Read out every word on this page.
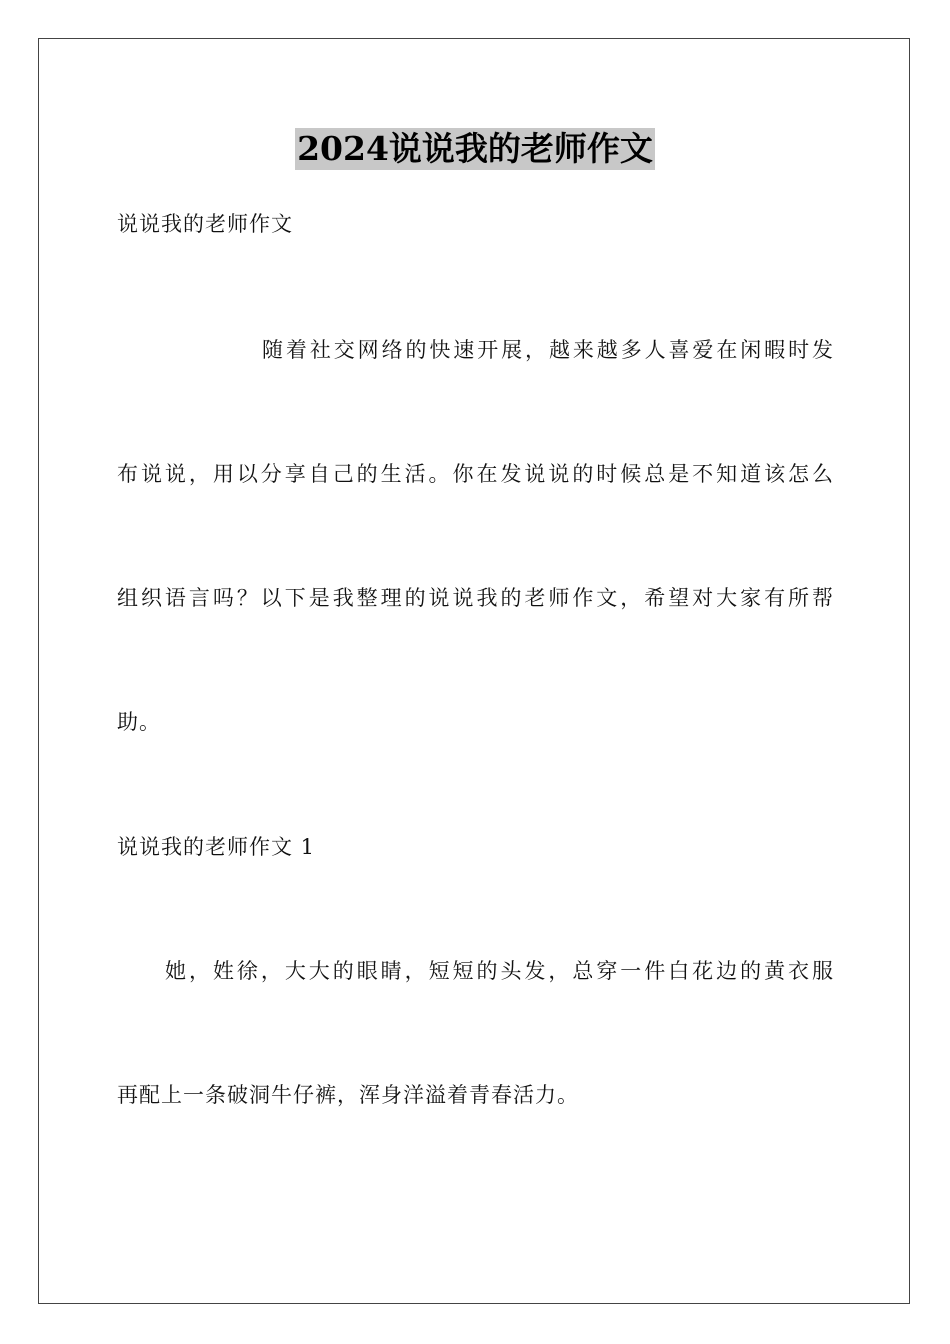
2024说说我的老师作文
说说我的老师作文
随着社交网络的快速开展，越来越多人喜爱在闲暇时发
布说说，用以分享自己的生活。你在发说说的时候总是不知道该怎么
组织语言吗？以下是我整理的说说我的老师作文，希望对大家有所帮
助。
说说我的老师作文 1
她，姓徐，大大的眼睛，短短的头发，总穿一件白花边的黄衣服
再配上一条破洞牛仔裤，浑身洋溢着青春活力。
